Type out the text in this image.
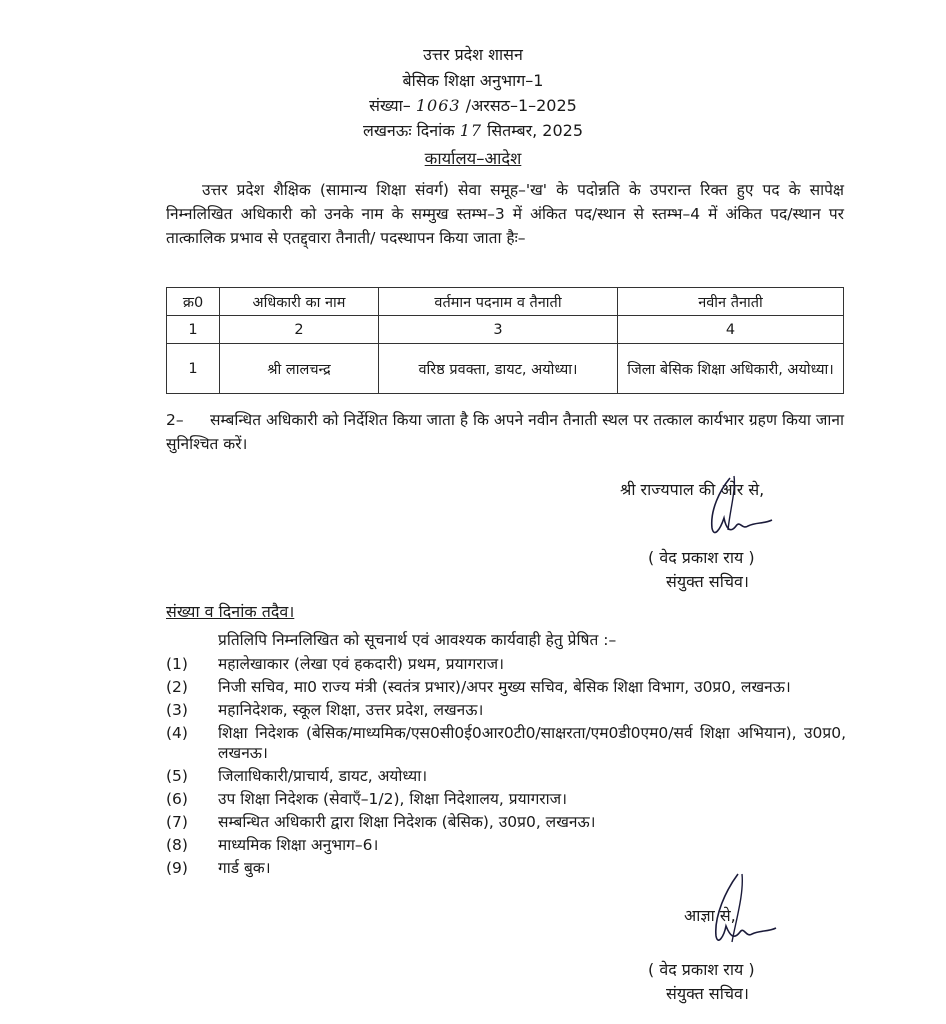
उत्तर प्रदेश शासन
बेसिक शिक्षा अनुभाग–1
संख्या– 1063 /अरसठ–1–2025
लखनऊः दिनांक 17 सितम्बर, 2025
कार्यालय–आदेश
उत्तर प्रदेश शैक्षिक (सामान्य शिक्षा संवर्ग) सेवा समूह–'ख' के पदोन्नति के उपरान्त रिक्त हुए पद के सापेक्ष निम्नलिखित अधिकारी को उनके नाम के सम्मुख स्तम्भ–3 में अंकित पद/स्थान से स्तम्भ–4 में अंकित पद/स्थान पर तात्कालिक प्रभाव से एतद्द्वारा तैनाती/ पदस्थापन किया जाता हैः–
क्र0	अधिकारी का नाम	वर्तमान पदनाम व तैनाती	नवीन तैनाती
1	2	3	4
1	श्री लालचन्द्र	वरिष्ठ प्रवक्ता, डायट, अयोध्या।	जिला बेसिक शिक्षा अधिकारी, अयोध्या।
2– सम्बन्धित अधिकारी को निर्देशित किया जाता है कि अपने नवीन तैनाती स्थल पर तत्काल कार्यभार ग्रहण किया जाना सुनिश्चित करें।
श्री राज्यपाल की ओर से,
( वेद प्रकाश राय )
संयुक्त सचिव।
संख्या व दिनांक तदैव।
प्रतिलिपि निम्नलिखित को सूचनार्थ एवं आवश्यक कार्यवाही हेतु प्रेषित :–
(1) महालेखाकार (लेखा एवं हकदारी) प्रथम, प्रयागराज।
(2) निजी सचिव, मा0 राज्य मंत्री (स्वतंत्र प्रभार)/अपर मुख्य सचिव, बेसिक शिक्षा विभाग, उ0प्र0, लखनऊ।
(3) महानिदेशक, स्कूल शिक्षा, उत्तर प्रदेश, लखनऊ।
(4) शिक्षा निदेशक (बेसिक/माध्यमिक/एस0सी0ई0आर0टी0/साक्षरता/एम0डी0एम0/सर्व शिक्षा अभियान), उ0प्र0, लखनऊ।
(5) जिलाधिकारी/प्राचार्य, डायट, अयोध्या।
(6) उप शिक्षा निदेशक (सेवाएँ–1/2), शिक्षा निदेशालय, प्रयागराज।
(7) सम्बन्धित अधिकारी द्वारा शिक्षा निदेशक (बेसिक), उ0प्र0, लखनऊ।
(8) माध्यमिक शिक्षा अनुभाग–6।
(9) गार्ड बुक।
आज्ञा से,
( वेद प्रकाश राय )
संयुक्त सचिव।
